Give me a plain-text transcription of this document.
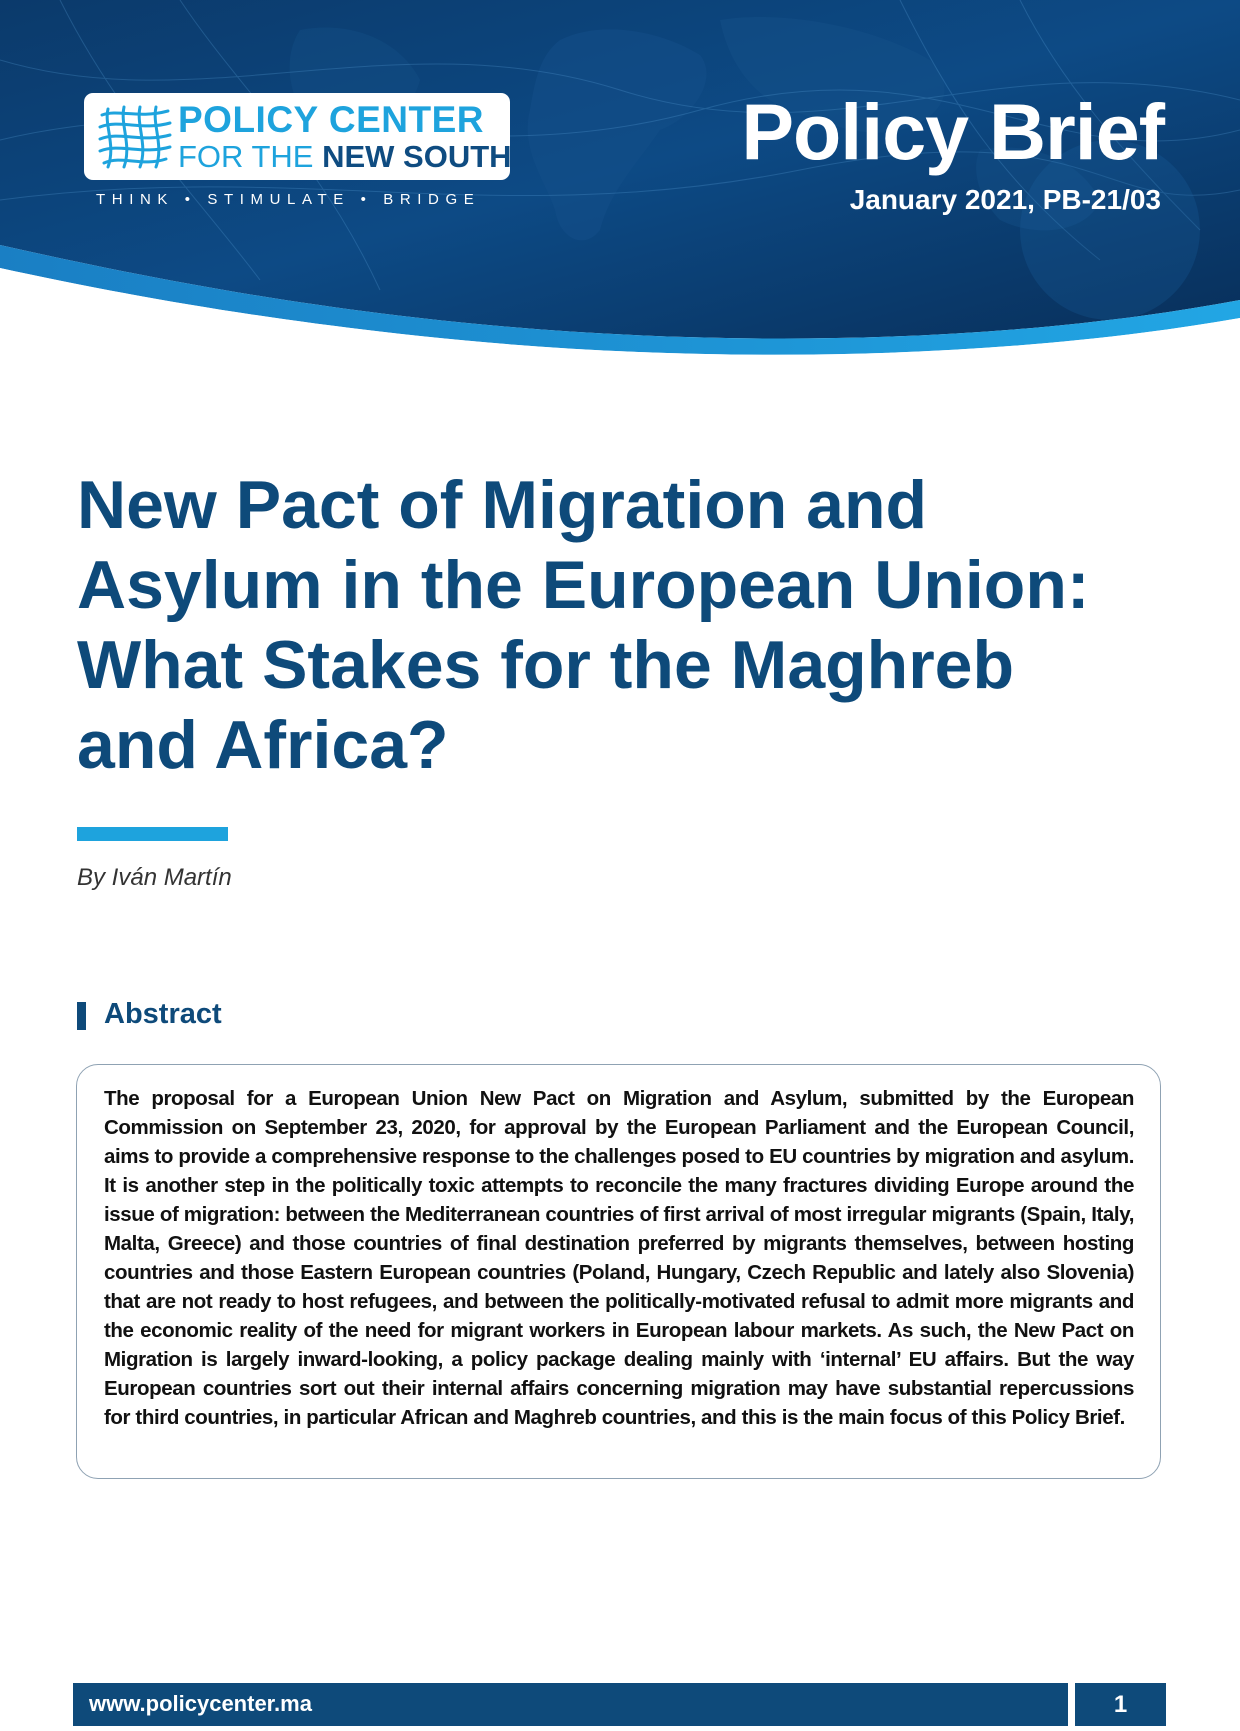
POLICY CENTER
FOR THE NEW SOUTH
THINK • STIMULATE • BRIDGE
Policy Brief
January 2021, PB-21/03
New Pact of Migration and
Asylum in the European Union:
What Stakes for the Maghreb
and Africa?
By Iván Martín
Abstract

The proposal for a European Union New Pact on Migration and Asylum, submitted by the European Commission on September 23, 2020, for approval by the European Parliament and the European Council, aims to provide a comprehensive response to the challenges posed to EU countries by migration and asylum. It is another step in the politically toxic attempts to reconcile the many fractures dividing Europe around the issue of migration: between the Mediterranean countries of first arrival of most irregular migrants (Spain, Italy, Malta, Greece) and those countries of final destination preferred by migrants themselves, between hosting countries and those Eastern European countries (Poland, Hungary, Czech Republic and lately also Slovenia) that are not ready to host refugees, and between the politically-motivated refusal to admit more migrants and the economic reality of the need for migrant workers in European labour markets. As such, the New Pact on Migration is largely inward-looking, a policy package dealing mainly with ‘internal’ EU affairs. But the way European countries sort out their internal affairs concerning migration may have substantial repercussions for third countries, in particular African and Maghreb countries, and this is the main focus of this Policy Brief.

www.policycenter.ma	1
